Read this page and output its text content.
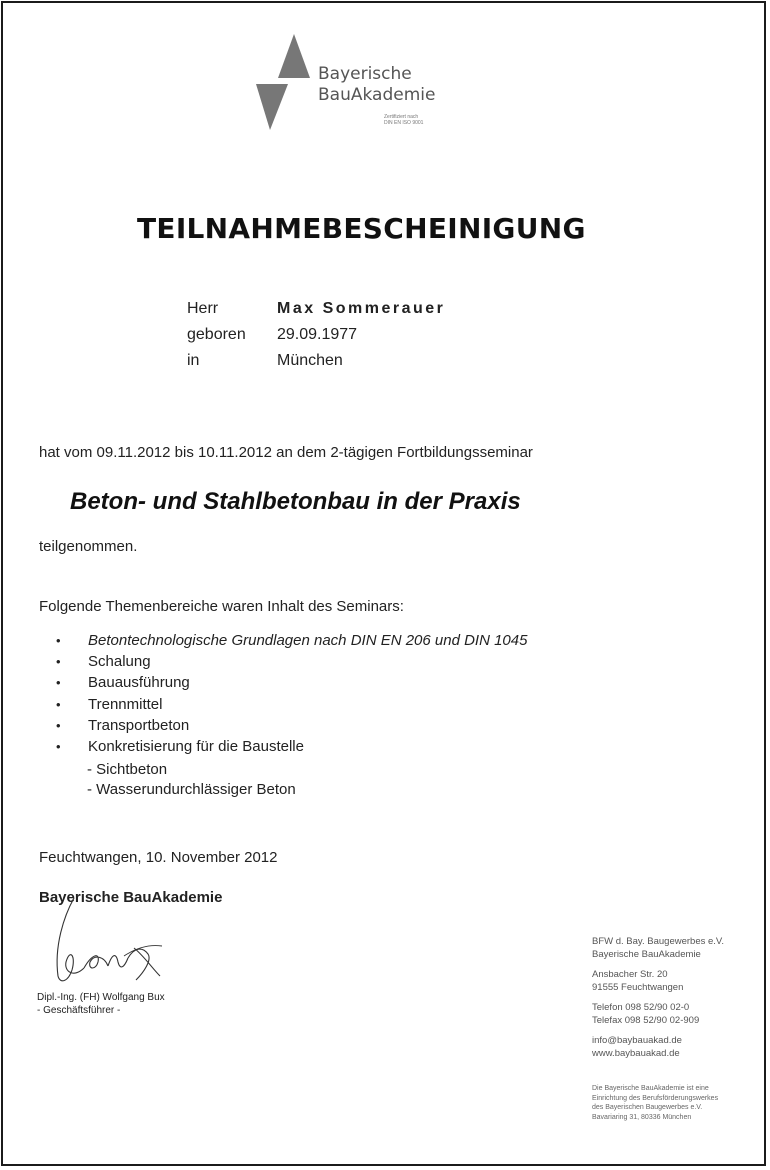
Bayerische
BauAkademie
Zertifiziert nach
DIN EN ISO 9001
TEILNAHMEBESCHEINIGUNG
Herr	Max Sommerauer
geboren 29.09.1977
in	München
hat vom 09.11.2012 bis 10.11.2012 an dem 2-tägigen Fortbildungsseminar
Beton- und Stahlbetonbau in der Praxis
teilgenommen.
Folgende Themenbereiche waren Inhalt des Seminars:
• Betontechnologische Grundlagen nach DIN EN 206 und DIN 1045
• Schalung
• Bauausführung
• Trennmittel
• Transportbeton
• Konkretisierung für die Baustelle
- Sichtbeton
- Wasserundurchlässiger Beton
Feuchtwangen, 10. November 2012
Bayerische BauAkademie
Dipl.-Ing. (FH) Wolfgang Bux
- Geschäftsführer -
BFW d. Bay. Baugewerbes e.V.
Bayerische BauAkademie
Ansbacher Str. 20
91555 Feuchtwangen
Telefon 098 52/90 02-0
Telefax 098 52/90 02-909
info@baybauakad.de
www.baybauakad.de
Die Bayerische BauAkademie ist eine
Einrichtung des Berufsförderungswerkes
des Bayerischen Baugewerbes e.V.
Bavariaring 31, 80336 München
